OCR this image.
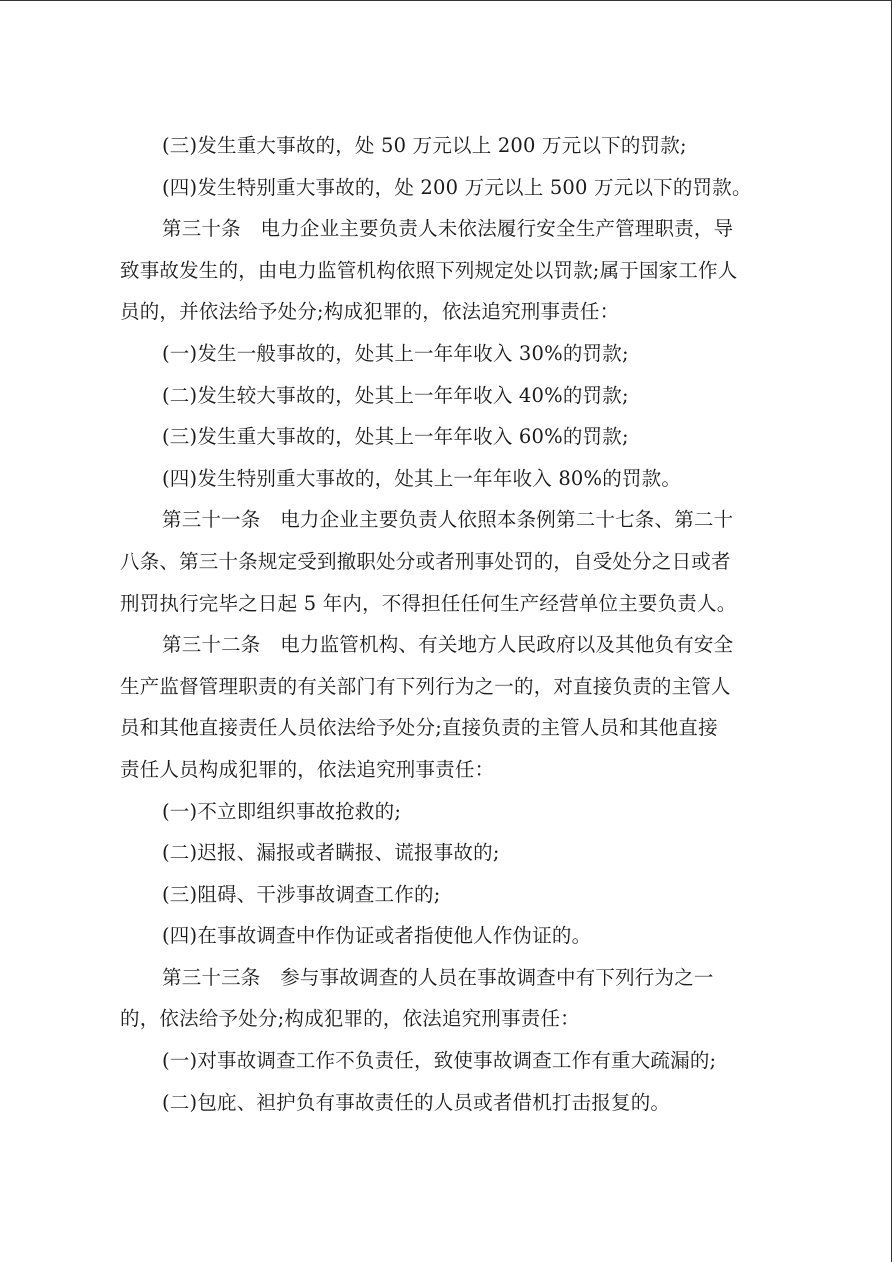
(三)发生重大事故的，处 50 万元以上 200 万元以下的罚款;
(四)发生特别重大事故的，处 200 万元以上 500 万元以下的罚款。
第三十条　电力企业主要负责人未依法履行安全生产管理职责，导
致事故发生的，由电力监管机构依照下列规定处以罚款;属于国家工作人
员的，并依法给予处分;构成犯罪的，依法追究刑事责任：
(一)发生一般事故的，处其上一年年收入 30%的罚款;
(二)发生较大事故的，处其上一年年收入 40%的罚款;
(三)发生重大事故的，处其上一年年收入 60%的罚款;
(四)发生特别重大事故的，处其上一年年收入 80%的罚款。
第三十一条　电力企业主要负责人依照本条例第二十七条、第二十
八条、第三十条规定受到撤职处分或者刑事处罚的，自受处分之日或者
刑罚执行完毕之日起 5 年内，不得担任任何生产经营单位主要负责人。
第三十二条　电力监管机构、有关地方人民政府以及其他负有安全
生产监督管理职责的有关部门有下列行为之一的，对直接负责的主管人
员和其他直接责任人员依法给予处分;直接负责的主管人员和其他直接
责任人员构成犯罪的，依法追究刑事责任：
(一)不立即组织事故抢救的;
(二)迟报、漏报或者瞒报、谎报事故的;
(三)阻碍、干涉事故调查工作的;
(四)在事故调查中作伪证或者指使他人作伪证的。
第三十三条　参与事故调查的人员在事故调查中有下列行为之一
的，依法给予处分;构成犯罪的，依法追究刑事责任：
(一)对事故调查工作不负责任，致使事故调查工作有重大疏漏的;
(二)包庇、袒护负有事故责任的人员或者借机打击报复的。
